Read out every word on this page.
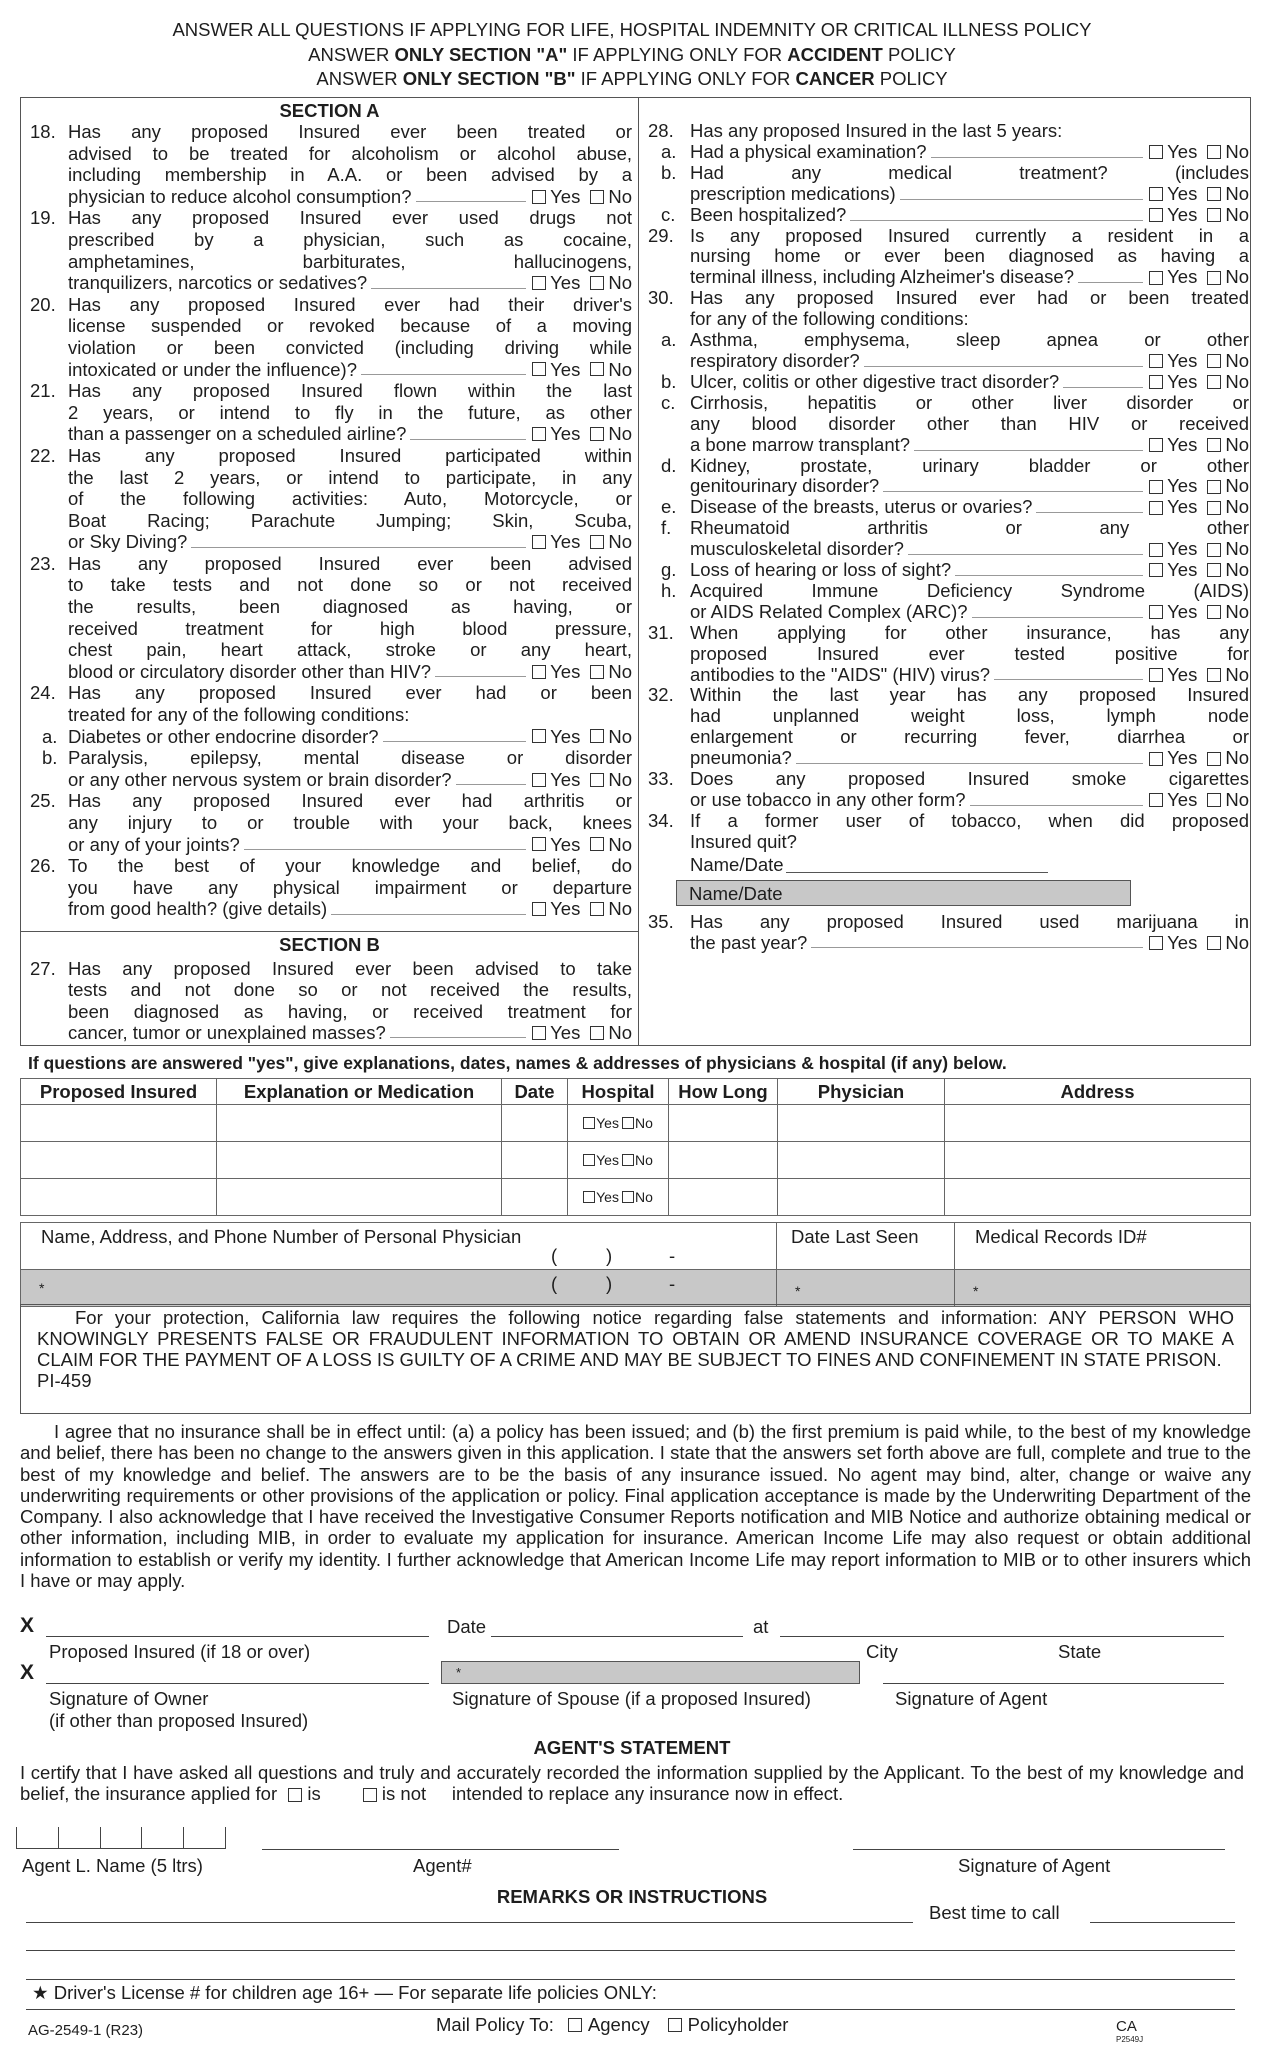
ANSWER ALL QUESTIONS IF APPLYING FOR LIFE, HOSPITAL INDEMNITY OR CRITICAL ILLNESS POLICY
ANSWER ONLY SECTION "A" IF APPLYING ONLY FOR ACCIDENT POLICY
ANSWER ONLY SECTION "B" IF APPLYING ONLY FOR CANCER POLICY
SECTION A
SECTION B
18. Has any proposed Insured ever been treated or
advised to be treated for alcoholism or alcohol abuse,
including membership in A.A. or been advised by a
physician to reduce alcohol consumption?	Yes No
19. Has any proposed Insured ever used drugs not
prescribed by a physician, such as cocaine,
amphetamines, barbiturates, hallucinogens,
tranquilizers, narcotics or sedatives?	Yes No
20. Has any proposed Insured ever had their driver's
license suspended or revoked because of a moving
violation or been convicted (including driving while
intoxicated or under the influence)?	Yes No
21. Has any proposed Insured flown within the last
2 years, or intend to fly in the future, as other
than a passenger on a scheduled airline?	Yes No
22. Has any proposed Insured participated within
the last 2 years, or intend to participate, in any
of the following activities: Auto, Motorcycle, or
Boat Racing; Parachute Jumping; Skin, Scuba,
or Sky Diving?	Yes No
23. Has any proposed Insured ever been advised
to take tests and not done so or not received
the results, been diagnosed as having, or
received treatment for high blood pressure,
chest pain, heart attack, stroke or any heart,
blood or circulatory disorder other than HIV?	Yes No
24. Has any proposed Insured ever had or been
treated for any of the following conditions:
a. Diabetes or other endocrine disorder?	Yes No
b. Paralysis, epilepsy, mental disease or disorder
or any other nervous system or brain disorder?	Yes No
25. Has any proposed Insured ever had arthritis or
any injury to or trouble with your back, knees
or any of your joints?	Yes No
26. To the best of your knowledge and belief, do
you have any physical impairment or departure
from good health? (give details)	Yes No
27. Has any proposed Insured ever been advised to take
tests and not done so or not received the results,
been diagnosed as having, or received treatment for
cancer, tumor or unexplained masses?	Yes No
28. Has any proposed Insured in the last 5 years:
a. Had a physical examination?	Yes No
b. Had any medical treatment? (includes
prescription medications)	Yes No
c. Been hospitalized?	Yes No
29. Is any proposed Insured currently a resident in a
nursing home or ever been diagnosed as having a
terminal illness, including Alzheimer's disease?	Yes No
30. Has any proposed Insured ever had or been treated
for any of the following conditions:
a. Asthma, emphysema, sleep apnea or other
respiratory disorder?	Yes No
b. Ulcer, colitis or other digestive tract disorder?	Yes No
c. Cirrhosis, hepatitis or other liver disorder or
any blood disorder other than HIV or received
a bone marrow transplant?	Yes No
d. Kidney, prostate, urinary bladder or other
genitourinary disorder?	Yes No
e. Disease of the breasts, uterus or ovaries?	Yes No
f. Rheumatoid arthritis or any other
musculoskeletal disorder?	Yes No
g. Loss of hearing or loss of sight?	Yes No
h. Acquired Immune Deficiency Syndrome (AIDS)
or AIDS Related Complex (ARC)?	Yes No
31. When applying for other insurance, has any
proposed Insured ever tested positive for
antibodies to the "AIDS" (HIV) virus?	Yes No
32. Within the last year has any proposed Insured
had unplanned weight loss, lymph node
enlargement or recurring fever, diarrhea or
pneumonia?	Yes No
33. Does any proposed Insured smoke cigarettes
or use tobacco in any other form?	Yes No
34. If a former user of tobacco, when did proposed
Insured quit?
Name/Date
Name/Date
35. Has any proposed Insured used marijuana in
the past year?	Yes No
If questions are answered "yes", give explanations, dates, names & addresses of physicians & hospital (if any) below.
Proposed Insured	Explanation or Medication	Date	Hospital	How Long	Physician	Address

			Yes No			

			Yes No			

			Yes No			

Name, Address, and Phone Number of Personal Physician
( ) -	Date Last Seen	Medical Records ID#
* ( ) -	*	*
For your protection, California law requires the following notice regarding false statements and information: ANY PERSON WHO KNOWINGLY PRESENTS FALSE OR FRAUDULENT INFORMATION TO OBTAIN OR AMEND INSURANCE COVERAGE OR TO MAKE A CLAIM FOR THE PAYMENT OF A LOSS IS GUILTY OF A CRIME AND MAY BE SUBJECT TO FINES AND CONFINEMENT IN STATE PRISON.
PI-459
I agree that no insurance shall be in effect until: (a) a policy has been issued; and (b) the first premium is paid while, to the best of my knowledge and belief, there has been no change to the answers given in this application. I state that the answers set forth above are full, complete and true to the best of my knowledge and belief. The answers are to be the basis of any insurance issued. No agent may bind, alter, change or waive any underwriting requirements or other provisions of the application or policy. Final application acceptance is made by the Underwriting Department of the Company. I also acknowledge that I have received the Investigative Consumer Reports notification and MIB Notice and authorize obtaining medical or other information, including MIB, in order to evaluate my application for insurance. American Income Life may also request or obtain additional information to establish or verify my identity. I further acknowledge that American Income Life may report information to MIB or to other insurers which I have or may apply.
X	Date	at
Proposed Insured (if 18 or over)	City	State
X	*
Signature of Owner
(if other than proposed Insured)
Signature of Spouse (if a proposed Insured)	Signature of Agent
AGENT'S STATEMENT
I certify that I have asked all questions and truly and accurately recorded the information supplied by the Applicant. To the best of my knowledge and belief, the insurance applied for is	is not intended to replace any insurance now in effect.
Agent L. Name (5 ltrs)	Agent#	Signature of Agent
REMARKS OR INSTRUCTIONS
Best time to call
★ Driver's License # for children age 16+ — For separate life policies ONLY:
AG-2549-1 (R23)	Mail Policy To: Agency Policyholder	CA
P2549J
